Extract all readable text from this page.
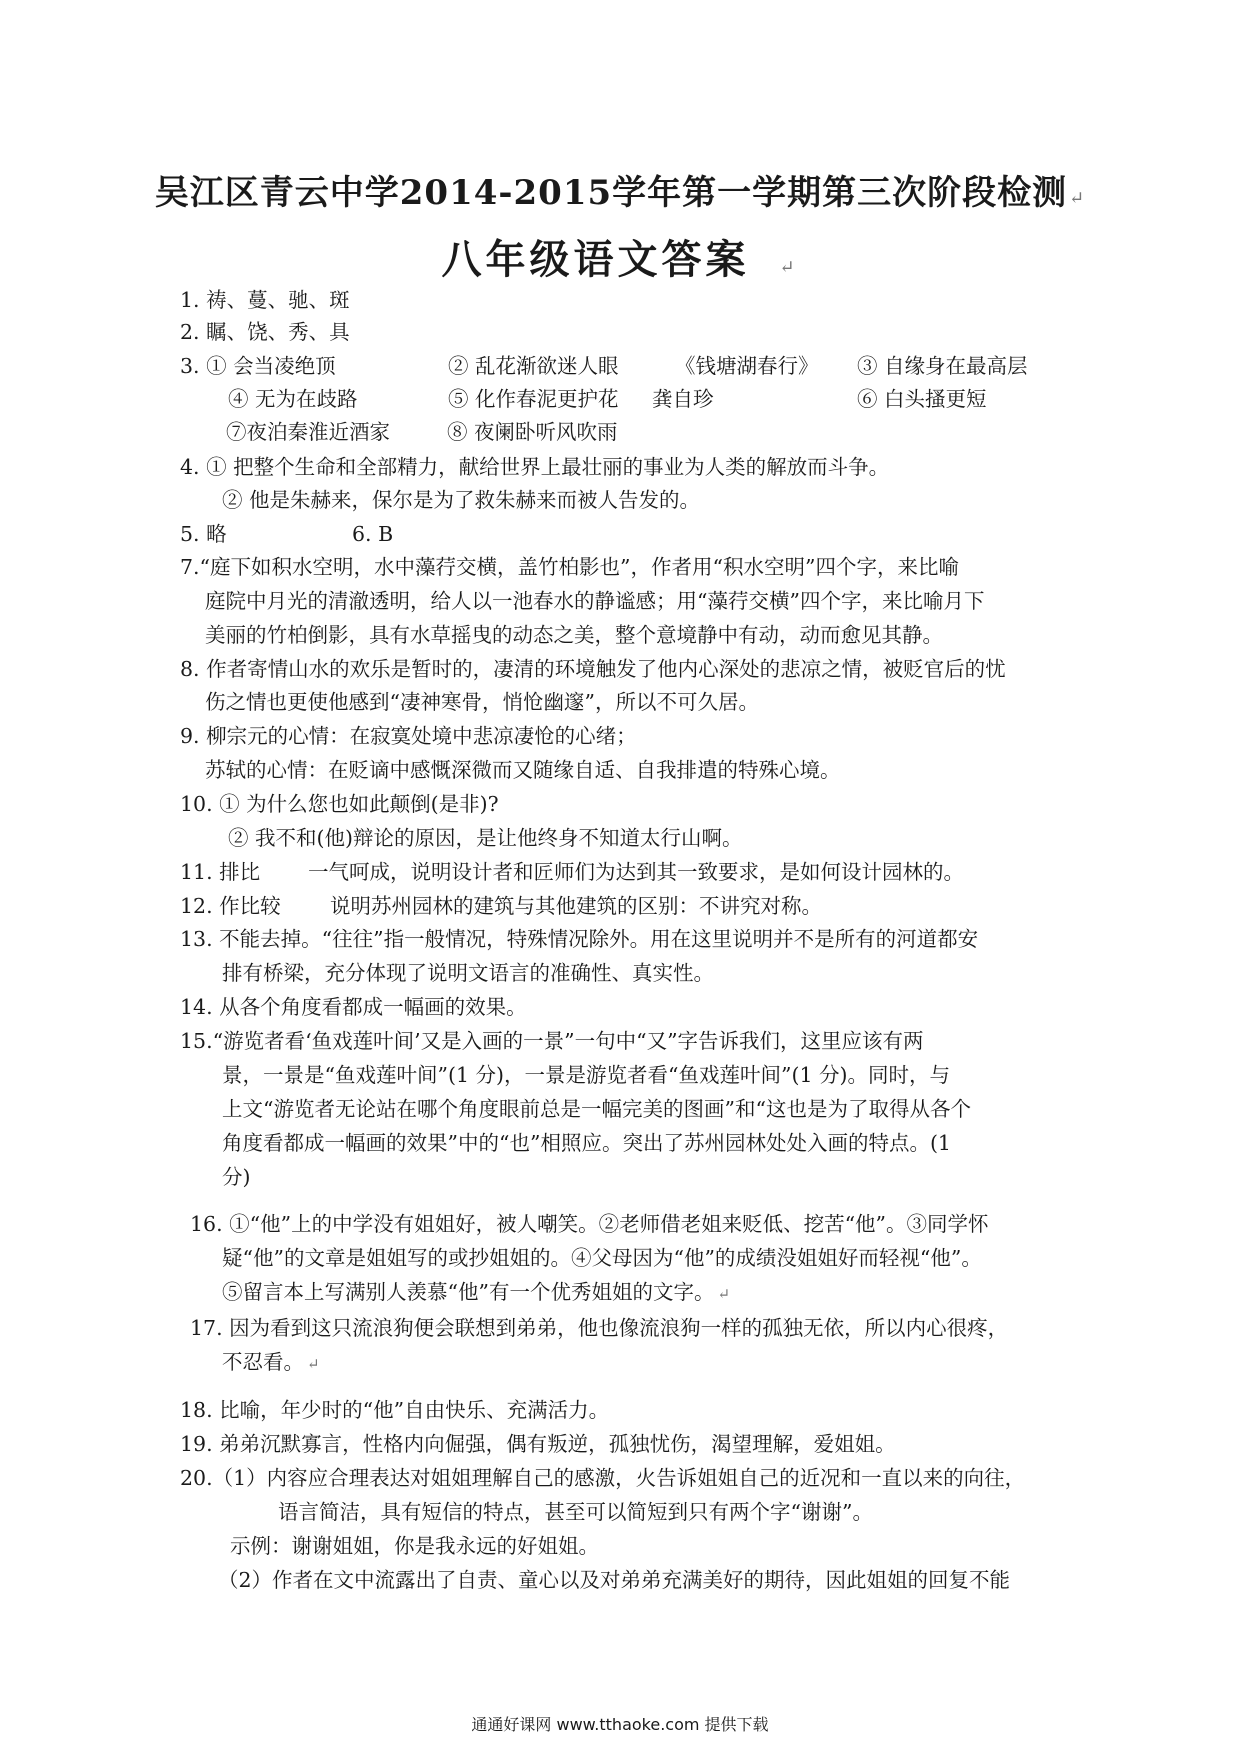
吴江区青云中学2014-2015学年第一学期第三次阶段检测 ↵
八年级语文答案 ↵
1. 祷、蔓、驰、斑
2. 瞩、饶、秀、具
3. ① 会当凌绝顶	② 乱花渐欲迷人眼	《钱塘湖春行》 ③ 自缘身在最高层
④ 无为在歧路	⑤ 化作春泥更护花 龚自珍	⑥ 白头搔更短
⑦夜泊秦淮近酒家	⑧ 夜阑卧听风吹雨
4. ① 把整个生命和全部精力，献给世界上最壮丽的事业为人类的解放而斗争。
② 他是朱赫来，保尔是为了救朱赫来而被人告发的。
5. 略	6. B
7.“庭下如积水空明，水中藻荇交横，盖竹柏影也”，作者用“积水空明”四个字，来比喻
庭院中月光的清澈透明，给人以一池春水的静谧感；用“藻荇交横”四个字，来比喻月下
美丽的竹柏倒影，具有水草摇曳的动态之美，整个意境静中有动，动而愈见其静。
8. 作者寄情山水的欢乐是暂时的，凄清的环境触发了他内心深处的悲凉之情，被贬官后的忧
伤之情也更使他感到“凄神寒骨，悄怆幽邃”，所以不可久居。
9. 柳宗元的心情：在寂寞处境中悲凉凄怆的心绪；
苏轼的心情：在贬谪中感慨深微而又随缘自适、自我排遣的特殊心境。
10. ① 为什么您也如此颠倒(是非)?
② 我不和(他)辩论的原因，是让他终身不知道太行山啊。
11. 排比 一气呵成，说明设计者和匠师们为达到其一致要求，是如何设计园林的。
12. 作比较 说明苏州园林的建筑与其他建筑的区别：不讲究对称。
13. 不能去掉。“往往”指一般情况，特殊情况除外。用在这里说明并不是所有的河道都安
排有桥梁，充分体现了说明文语言的准确性、真实性。
14. 从各个角度看都成一幅画的效果。
15.“游览者看‘鱼戏莲叶间’又是入画的一景”一句中“又”字告诉我们，这里应该有两
景，一景是“鱼戏莲叶间”(1 分)，一景是游览者看“鱼戏莲叶间”(1 分)。同时，与
上文“游览者无论站在哪个角度眼前总是一幅完美的图画”和“这也是为了取得从各个
角度看都成一幅画的效果”中的“也”相照应。突出了苏州园林处处入画的特点。(1
分)
16. ①“他”上的中学没有姐姐好，被人嘲笑。②老师借老姐来贬低、挖苦“他”。③同学怀
疑“他”的文章是姐姐写的或抄姐姐的。④父母因为“他”的成绩没姐姐好而轻视“他”。
⑤留言本上写满别人羡慕“他”有一个优秀姐姐的文字。 ↵
17. 因为看到这只流浪狗便会联想到弟弟，他也像流浪狗一样的孤独无依，所以内心很疼，
不忍看。 ↵
18. 比喻，年少时的“他”自由快乐、充满活力。
19. 弟弟沉默寡言，性格内向倔强，偶有叛逆，孤独忧伤，渴望理解，爱姐姐。
20.（1）内容应合理表达对姐姐理解自己的感激，火告诉姐姐自己的近况和一直以来的向往，
语言简洁，具有短信的特点，甚至可以简短到只有两个字“谢谢”。
示例：谢谢姐姐，你是我永远的好姐姐。
（2）作者在文中流露出了自责、童心以及对弟弟充满美好的期待，因此姐姐的回复不能
通通好课网 www.tthaoke.com 提供下载
